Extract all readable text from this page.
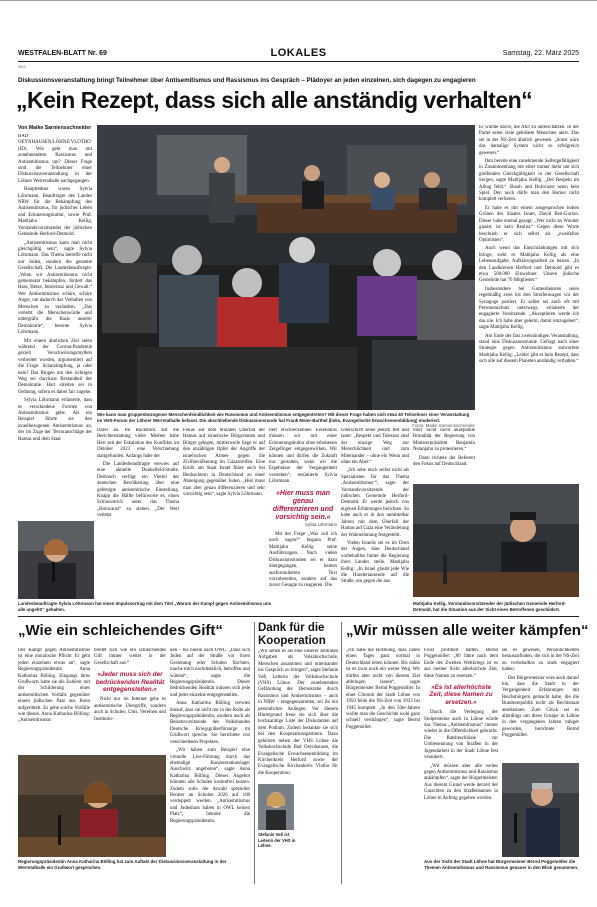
WESTFALEN-BLATT Nr. 69	LOKALES	Samstag, 22. März 2025
W11
Diskussionsveranstaltung bringt Teilnehmer über Antisemitismus und Rassismus ins Gespräch – Plädoyer an jeden einzelnen, sich dagegen zu engagieren
„Kein Rezept, dass sich alle anständig verhalten“
Von Maike Sarniensschneider

BAD OEYNHAUSEN/LÖHNE/VLOTHO (ID). Wie geht man mit zunehmendem Rassismus und Antisemitismus um? Dieser Frage sind die Teilnehmer einer Diskussionsveranstaltung in der Löhner Werretalhalle nachgegangen.

Hauptredner waren Sylvia Löhrmann, Beauftragte des Landes NRW für die Bekämpfung des Antisemitismus, für jüdisches Leben und Erinnerungskultur, sowie Prof. Matitjahu Kellig, Vorstandsvorsitzender der jüdischen Gemeinde Herford-Detmold.

„Antisemitismus kann man nicht gleichgültig sein“, sagte Sylvia Löhrmann. Das Thema betreffe nicht nur Juden, sondern die gesamte Gesellschaft. Die Landesbeauftragte: „Wenn wir Antisemitismus nicht gemeinsam bekämpfen, fördert das Hass, Hetze, Intoleranz und Gewalt.“ Wer Antisemitismus schüre, schüre Angst, um dadurch das Verhalten von Menschen zu verändern. „Das verletzt die Menschenwürde und untergräbt die Basis unserer Demokratie“, betonte Sylvia Löhrmann.

Mit einem ähnlichen Ziel seien während der Corona-Pandemie gezielt Verschwörungsmythen verbreitet worden, argumentiert auf die Frage: Schutzimpfung, ja oder nein? Das Ringen um den richtigen Weg sei durchaus Bestandteil der Demokratie. Hart streiten sei in Ordnung, sofern es dabei fair zugehe.

Sylvia Löhrmann erläuterte, dass es verschiedene Formen von Antisemitismus gebe. Als ein Beispiel führte sie den israelbezogenen Antisemitismus an, der im Zuge der Terroranschläge der Hamas und dem Staat

Wie kann man gruppenbezogener Menschenfeindlichkeit wie Rassismus und Antisemitismus entgegentreten? Mit dieser Frage haben sich etwa 40 Teilnehmer einer Veranstaltung im VHS-Forum der Löhner Werretalhalle befasst. Die abschließende Diskussionsrunde hat Frank Meier-Barthel (links, Evangelische Erwachsenenbildung) moderiert.
Fotos: Maike Sarniensschneider

Er warnte davor, die AfD zu unterschätzen. In der Partei seien viele gebildete Menschen aktiv. Das sei in der NS-Zeit ähnlich gewesen. „Sonst wäre das damalige System nicht so erfolgreich gewesen.“

Ihm bereite eine zunehmende Selbstgefälligkeit in Zusammenhang mit einer immer mehr um sich greifenden Gleichgültigkeit in der Gesellschaft Sorgen, sagte Matitjahu Kellig. „Der Respekt im Alltag fehlt.“ Shoah und Holocaust seien kein Spiel. Den noch dürfe man den Humor nicht komplett verlieren.

Er habe es mit einem ausgesprochen hohen Grünen des Staates Israel, David Ben-Gurion. Dieser habe einmal gesagt: „Wer nicht an Wunder glaubt, ist kein Realist.“ Gegen diese Worte beschrieb er sich selbst als „zweifellos Optimisten“.

Auch wenn das Einschränkungen mit sich bringe, sieht es Matitjahu Kellig als eine Lebensaufgabe, Aufklärungsarbeit zu leisten. „In den Landkreisen Herford und Detmold gibt es etwa 500.000 Einwohner. Unsere jüdische Gemeinde hat 70 Mitglieder.“

Insbesondere bei Gottesdiensten seien regelmäßig zwei bis drei Streifenwagen vor der Synagoge postiert. Er selbst sei auch oft mit Personenschutz unterwegs, erläuterte der engagierte Vorsitzende. „Akzeptieren werde ich das nie. Ich habe aber gelernt, damit umzugehen“, sagte Matitjahu Kellig.

Am Ende der fast zweistündigen Veranstaltung, stand eine Diskussionsrunde. Gefragt nach einer Strategie gegen Antisemitismus antwortete Matitjahu Kellig: „Leider gibt es kein Rezept, dass sich alle auf diesem Planeten anständig verhalten.“

Israel an. Im Rückblick auf die Berichterstattung vieler Medien habe Herr seit der Eskalation des Konflikts im Oktober 2023 eine Verschiebung stattgefunden. Anfangs habe der

Die Landesbeauftragte verwies auf eine aktuelle Dunkelfeld-Studie. Demnach verfügt ein Viertel der deutschen Bevölkerung über eine gefestigte antisemitische Einstellung. Knapp die Hälfte befürworte es, einen Schlussstrich unter das Thema „Holocaust“ zu ziehen. „Der Wert verletzt

Fokus auf dem brutalen Überfall der Hamas auf israelische Bürgerinnen und Bürger gelegen, mittlerweile liege er auf den unzähligen Opfer der Angriffe der israelischen Armee gegen die Zivilbevölkerung im Gazastreifen. Eine Kritik am Staat Israel führe auch bei Beobachtern in Deutschland zu einer Abneigung gegenüber Juden. „Hier muss man aber genau differenzieren und sehr vorsichtig sein“, sagte Sylvia Löhrmann.

tiert erschreckenden Erkenntnis müssen wir mit einer Erinnerungskultur ohne erhobenen Zeigefinger entgegenwirken. Wir können und dürfen die Zukunft nur gestalten, wenn wir die Ergebnisse der Vergangenheit verstehen“, resümierte Sylvia Löhrmann.

»Hier muss man genau differenzieren und vorsichtig sein.«
Sylvia Löhrmann

Mit der Frage „Was soll ich noch sagen?“ begann Prof. Matitjahu Kellig seine Ausführungen. Nach vielen Diskussionsrunden sei er dazu übergegangen, keinen ausformulierten Text vorzubereiten, sondern auf das zuvor Gesagte zu reagieren. Die

Überschrift seine jedoch fest und laute: „Respekt und Toleranz sind der einzige Weg zur Menschlichkeit und zum Miteinander – ohne ein Wenn und ohne ein Aber.“

„Ich sehe mich selbst nicht als Spezialisten für das Thema ‚Antisemitismus‘“, sagte der Vorstandsvorsitzende der jüdischen Gemeinde Herford-Detmold. Er werde jedoch von eigenen Erfahrungen berichten. So habe auch er in den unmittelbar Jahren mit dem Überfall der Hamas auf Gaza eine Veränderung der Wahrnehmung festgestellt.

Vielen Israelis sei es im Dorn der Augen, dass Deutschland vorbehaltlos hinter die Regierung ihres Landes stelle. Matitjahu Kellig: „In Israel glaubt jede Wie die Hundertausende auf die Straße, um gegen die aus

ihrer Sicht nicht akzeptable Brutalität der Regierung von Ministerpräsident Benjamin Netanjahu zu protestieren.“

Dann richtete der Referent den Fokus auf Deutschland.

Landesbeauftragte Sylvia Löhrmann hat einen Impulsvortrag mit dem Titel „Warum der Kampf gegen Antisemitismus uns alle angeht!“ gehalten.
Matitjahu Kellig, Vorstandsvorsitzender der jüdischen Gemeinde Herford-Detmold, hat die Situation aus der Sicht eines Betroffenen geschildert.
„Wie ein schleichendes Gift“

Der Kampf gegen Antisemitismus ist eine moralische Pflicht. Er geht jeden einzelnen etwas an“, sagte Regierungspräsidentin Anna Katharina Bölling. Eingangs ihres Grußworts hatte sie die Zuhörer mit der Schilderung eines antisemitischen Vorfalls gegenüber einem jüdischen Paar aus Bonn aufgerüttelt. Es gehe solche Vorfälle wie diesen. Anna Katharina Bölling: „Antisemitismus

breitet sich wie ein schleichendes Gift immer weiter in der Gesellschaft aus.“

»Jeder muss sich der bedrückenden Realität entgegenstellen.«

Nicht nur im Internet gebe es antisemitische Übergriffe, sondern auch in Schulen, Unis, Vereinen und Institutio-

nen – bis hinein nach OWL. „Dass sich Juden auf der Straße vor ihren Gesinnung oder Schulen fürchten, mache mich nachdenklich, betroffen und wütend“, sagte die Regierungspräsidentin. Dieser bedrückenden Realität müssen sich jede und jeder einzelne entgegenstellen.

Anna Katharina Bölling verwies darauf, dass sie nicht nur in der Rolle als Regierungspräsidentin, sondern auch als Beiratsvorsitzende des Volksbundes Deutsche Kriegsgräberfürsorge im Grußwort spreche. Sie berichtete von verschiedenen Projekten.

„Wir haben zum Beispiel eine virtuelle Live-Führung durch das ehemalige Konzentrationslager Auschwitz angeboten“, sagte Anna Katharina Bölling. Dieses Angebot könnten alle Schulen kostenfrei nutzen. Zudem solle die Anzahl spezieller Berater an Schulen 2026 auf 108 verdoppelt werden. „Antisemitismus und Judenhass haben in OWL keinen Platz“, betonte die Regierungspräsidentin.

Regierungspräsidentin Anna Katharina Bölling hat zum Auftakt der Diskussionsveranstaltung in der Werretalhalle ein Grußwort gesprochen.
Dank für die Kooperation

„Wir sehen es als eine unserer zentralen Aufgaben als Volkshochschule, Menschen zusammen und miteinander ins Gespräch zu bringen“, sagte Stefanie Voß, Leiterin der Volkshochschule (VHS) Löhne. Der zunehmenden Gefährdung der Demokratie durch Rassismus und Antisemitismus – auch in NRW – entgegenzutreten, sei ihr ein persönliches Anliegen. Vor diesem Hintergrund freue sie sich über die hochkarätige Liste der Diskutanten auf dem Podium. Zudem bedankte sie sich bei den Kooperationspartnern. Dazu gehörten neben der VHS Löhne die Volkshochschule Bad Oeynhausen, die Evangelische Erwachsenenbildung im Kirchenkreis Herford sowie der Evangelische Kirchenkreis Vlotho für die Kooperation.

Stefanie Voß ist Leiterin der VHS in Löhne.
„Wir müssen alle weiter kämpfen“

„Ich habe die Hoffnung, dass Juden einen Tages ganz normal in Deutschland leben können. Bis dahin ist es zwar noch ein weiter Weg. Wir dürfen aber nicht von diesem Ziel abbringen lassen“, sagte Bürgermeister Bernd Poggemöller. In einer Chronik der Stadt Löhne von 1950 fehle die NS-Zeit von 1933 bis 1945 komplett. „In den 50er-Jahren wollte man die Geschichte wohl ganz schnell verdrängen“, sagte Bernd Poggemöller.

Frost profitiert hätten. Bernd Poggemöller: „80 Jahre nach dem Ende des Zweiten Weltkriegs ist es aus meiner Sicht allerhöchste Zeit, diese Namen zu ersetzen.“

»Es ist allerhöchste Zeit, diese Namen zu ersetzen.«

Durch die Verlegung der Stolpersteine auch in Löhne würde das Thema „Antisemitismus“ immer wieder in die Öffentlichkeit gebracht. Die Ratsbeschlüsse zur Umbenennung von Straßen in der Jugendarbeit in der Stadt Löhne fest verankert.

„Wir müssen aber alle weiter gegen Antisemitismus und Rassismus ankämpfen“, sagte der Bürgermeister. Aus diesem Grund werde derzeit der Gutachten zu den Straßennamen in Löhne in Auftrag gegeben worden.

sei es gewesen, Persönlichkeiten herauszufinden, die sich in der NS-Zeit zu vorbehaltlos zu stark engagiert haben.

Der Bürgermeister wies auch darauf hin, dass die Stadt in der Vergangenheit Erfahrungen mit Reichsbürgern gemacht habe, die die Bundesrepublik nicht als Rechtsstaat anerkennen. Zum Glück sei es allerdings um diese Gruppe in Löhne in den vergangenen Jahren ruhiger geworden, berichtete Bernd Poggemöller.

Aus der Sicht der Stadt Löhne hat Bürgermeister Bernd Poggemöller die Themen Antisemitismus und Rassismus genauer in den Blick genommen.
